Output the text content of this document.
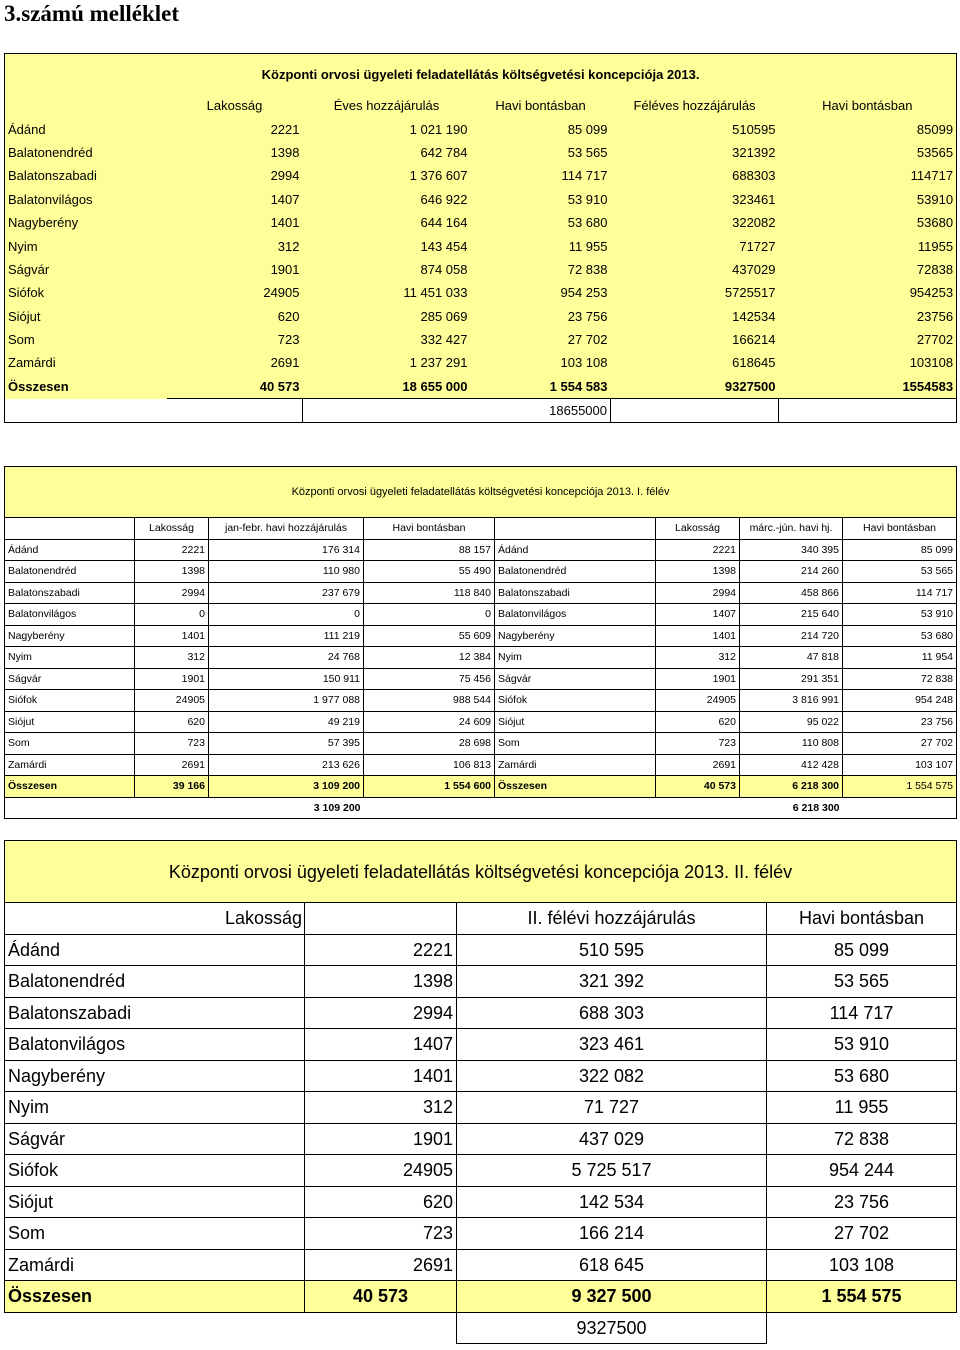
3.számú melléklet
Központi orvosi ügyeleti feladatellátás költségvetési koncepciója 2013.					
	Lakosság	Éves hozzájárulás	Havi bontásban	Féléves hozzájárulás	Havi bontásban
Ádánd	2221	1 021 190	85 099	510595	85099
Balatonendréd	1398	642 784	53 565	321392	53565
Balatonszabadi	2994	1 376 607	114 717	688303	114717
Balatonvilágos	1407	646 922	53 910	323461	53910
Nagyberény	1401	644 164	53 680	322082	53680
Nyim	312	143 454	11 955	71727	11955
Ságvár	1901	874 058	72 838	437029	72838
Siófok	24905	11 451 033	954 253	5725517	954253
Siójut	620	285 069	23 756	142534	23756
Som	723	332 427	27 702	166214	27702
Zamárdi	2691	1 237 291	103 108	618645	103108
Összesen	40 573	18 655 000	1 554 583	9327500	1554583
			18655000		
Központi orvosi ügyeleti feladatellátás költségvetési koncepciója 2013. I. félév							
	Lakosság	jan-febr. havi hozzájárulás	Havi bontásban		Lakosság	márc.-jún. havi hj.	Havi bontásban
Ádánd	2221	176 314	88 157	Ádánd	2221	340 395	85 099
Balatonendréd	1398	110 980	55 490	Balatonendréd	1398	214 260	53 565
Balatonszabadi	2994	237 679	118 840	Balatonszabadi	2994	458 866	114 717
Balatonvilágos	0	0	0	Balatonvilágos	1407	215 640	53 910
Nagyberény	1401	111 219	55 609	Nagyberény	1401	214 720	53 680
Nyim	312	24 768	12 384	Nyim	312	47 818	11 954
Ságvár	1901	150 911	75 456	Ságvár	1901	291 351	72 838
Siófok	24905	1 977 088	988 544	Siófok	24905	3 816 991	954 248
Siójut	620	49 219	24 609	Siójut	620	95 022	23 756
Som	723	57 395	28 698	Som	723	110 808	27 702
Zamárdi	2691	213 626	106 813	Zamárdi	2691	412 428	103 107
Összesen	39 166	3 109 200	1 554 600	Összesen	40 573	6 218 300	1 554 575
		3 109 200				6 218 300	
Központi orvosi ügyeleti feladatellátás költségvetési koncepciója 2013. II. félév			
Lakosság		II. félévi hozzájárulás	Havi bontásban
Ádánd	2221	510 595	85 099
Balatonendréd	1398	321 392	53 565
Balatonszabadi	2994	688 303	114 717
Balatonvilágos	1407	323 461	53 910
Nagyberény	1401	322 082	53 680
Nyim	312	71 727	11 955
Ságvár	1901	437 029	72 838
Siófok	24905	5 725 517	954 244
Siójut	620	142 534	23 756
Som	723	166 214	27 702
Zamárdi	2691	618 645	103 108
Összesen	40 573	9 327 500	1 554 575
		9327500	
